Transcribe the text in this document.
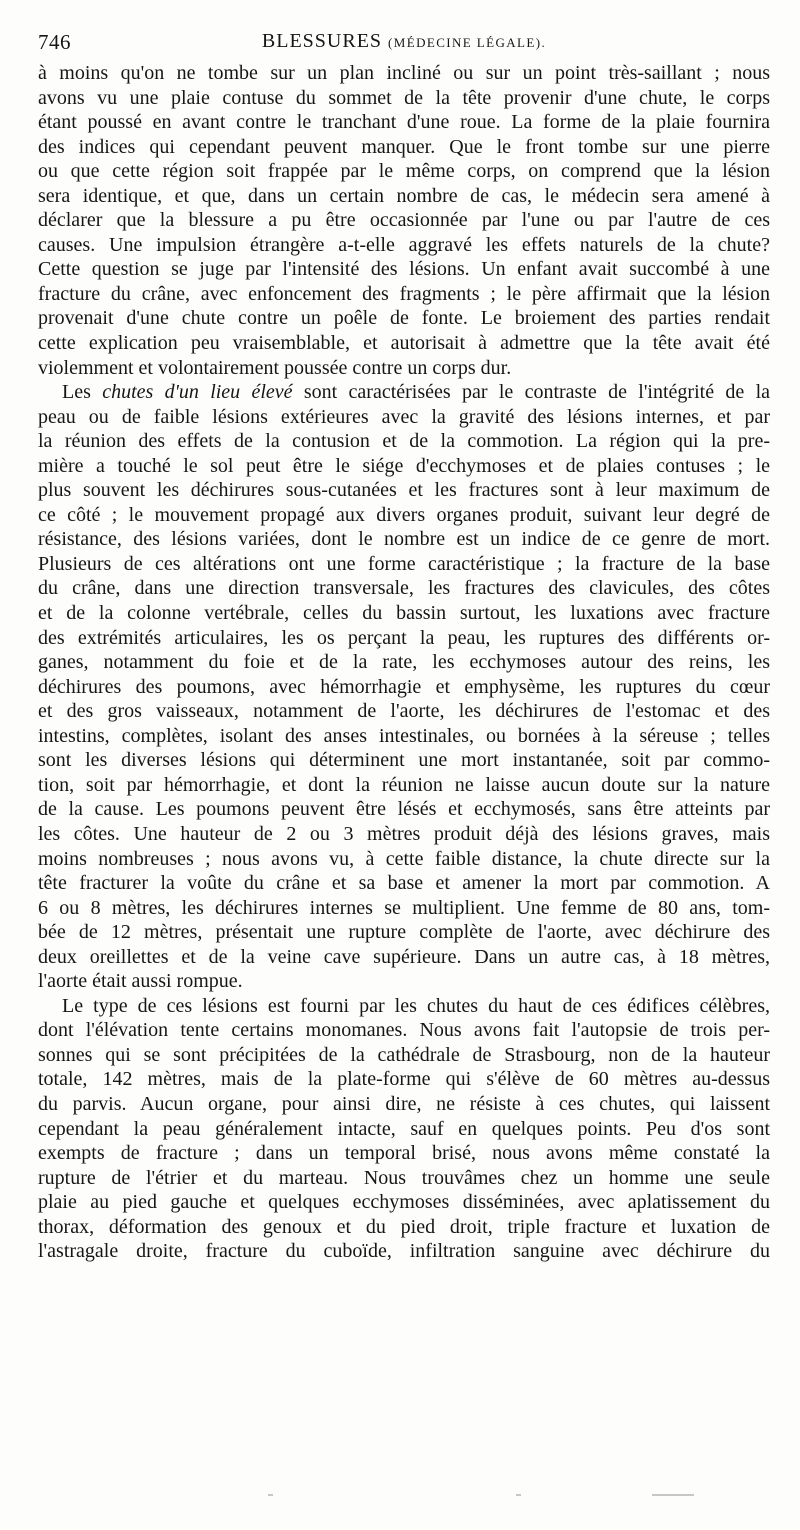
746	BLESSURES (MÉDECINE LÉGALE).
à moins qu'on ne tombe sur un plan incliné ou sur un point très-saillant ; nous
avons vu une plaie contuse du sommet de la tête provenir d'une chute, le corps
étant poussé en avant contre le tranchant d'une roue. La forme de la plaie fournira
des indices qui cependant peuvent manquer. Que le front tombe sur une pierre
ou que cette région soit frappée par le même corps, on comprend que la lésion
sera identique, et que, dans un certain nombre de cas, le médecin sera amené à
déclarer que la blessure a pu être occasionnée par l'une ou par l'autre de ces
causes. Une impulsion étrangère a-t-elle aggravé les effets naturels de la chute?
Cette question se juge par l'intensité des lésions. Un enfant avait succombé à une
fracture du crâne, avec enfoncement des fragments ; le père affirmait que la lésion
provenait d'une chute contre un poêle de fonte. Le broiement des parties rendait
cette explication peu vraisemblable, et autorisait à admettre que la tête avait été
violemment et volontairement poussée contre un corps dur.
Les chutes d'un lieu élevé sont caractérisées par le contraste de l'intégrité de la
peau ou de faible lésions extérieures avec la gravité des lésions internes, et par
la réunion des effets de la contusion et de la commotion. La région qui la pre-
mière a touché le sol peut être le siége d'ecchymoses et de plaies contuses ; le
plus souvent les déchirures sous-cutanées et les fractures sont à leur maximum de
ce côté ; le mouvement propagé aux divers organes produit, suivant leur degré de
résistance, des lésions variées, dont le nombre est un indice de ce genre de mort.
Plusieurs de ces altérations ont une forme caractéristique ; la fracture de la base
du crâne, dans une direction transversale, les fractures des clavicules, des côtes
et de la colonne vertébrale, celles du bassin surtout, les luxations avec fracture
des extrémités articulaires, les os perçant la peau, les ruptures des différents or-
ganes, notamment du foie et de la rate, les ecchymoses autour des reins, les
déchirures des poumons, avec hémorrhagie et emphysème, les ruptures du cœur
et des gros vaisseaux, notamment de l'aorte, les déchirures de l'estomac et des
intestins, complètes, isolant des anses intestinales, ou bornées à la séreuse ; telles
sont les diverses lésions qui déterminent une mort instantanée, soit par commo-
tion, soit par hémorrhagie, et dont la réunion ne laisse aucun doute sur la nature
de la cause. Les poumons peuvent être lésés et ecchymosés, sans être atteints par
les côtes. Une hauteur de 2 ou 3 mètres produit déjà des lésions graves, mais
moins nombreuses ; nous avons vu, à cette faible distance, la chute directe sur la
tête fracturer la voûte du crâne et sa base et amener la mort par commotion. A
6 ou 8 mètres, les déchirures internes se multiplient. Une femme de 80 ans, tom-
bée de 12 mètres, présentait une rupture complète de l'aorte, avec déchirure des
deux oreillettes et de la veine cave supérieure. Dans un autre cas, à 18 mètres,
l'aorte était aussi rompue.
Le type de ces lésions est fourni par les chutes du haut de ces édifices célèbres,
dont l'élévation tente certains monomanes. Nous avons fait l'autopsie de trois per-
sonnes qui se sont précipitées de la cathédrale de Strasbourg, non de la hauteur
totale, 142 mètres, mais de la plate-forme qui s'élève de 60 mètres au-dessus
du parvis. Aucun organe, pour ainsi dire, ne résiste à ces chutes, qui laissent
cependant la peau généralement intacte, sauf en quelques points. Peu d'os sont
exempts de fracture ; dans un temporal brisé, nous avons même constaté la
rupture de l'étrier et du marteau. Nous trouvâmes chez un homme une seule
plaie au pied gauche et quelques ecchymoses disséminées, avec aplatissement du
thorax, déformation des genoux et du pied droit, triple fracture et luxation de
l'astragale droite, fracture du cuboïde, infiltration sanguine avec déchirure du
